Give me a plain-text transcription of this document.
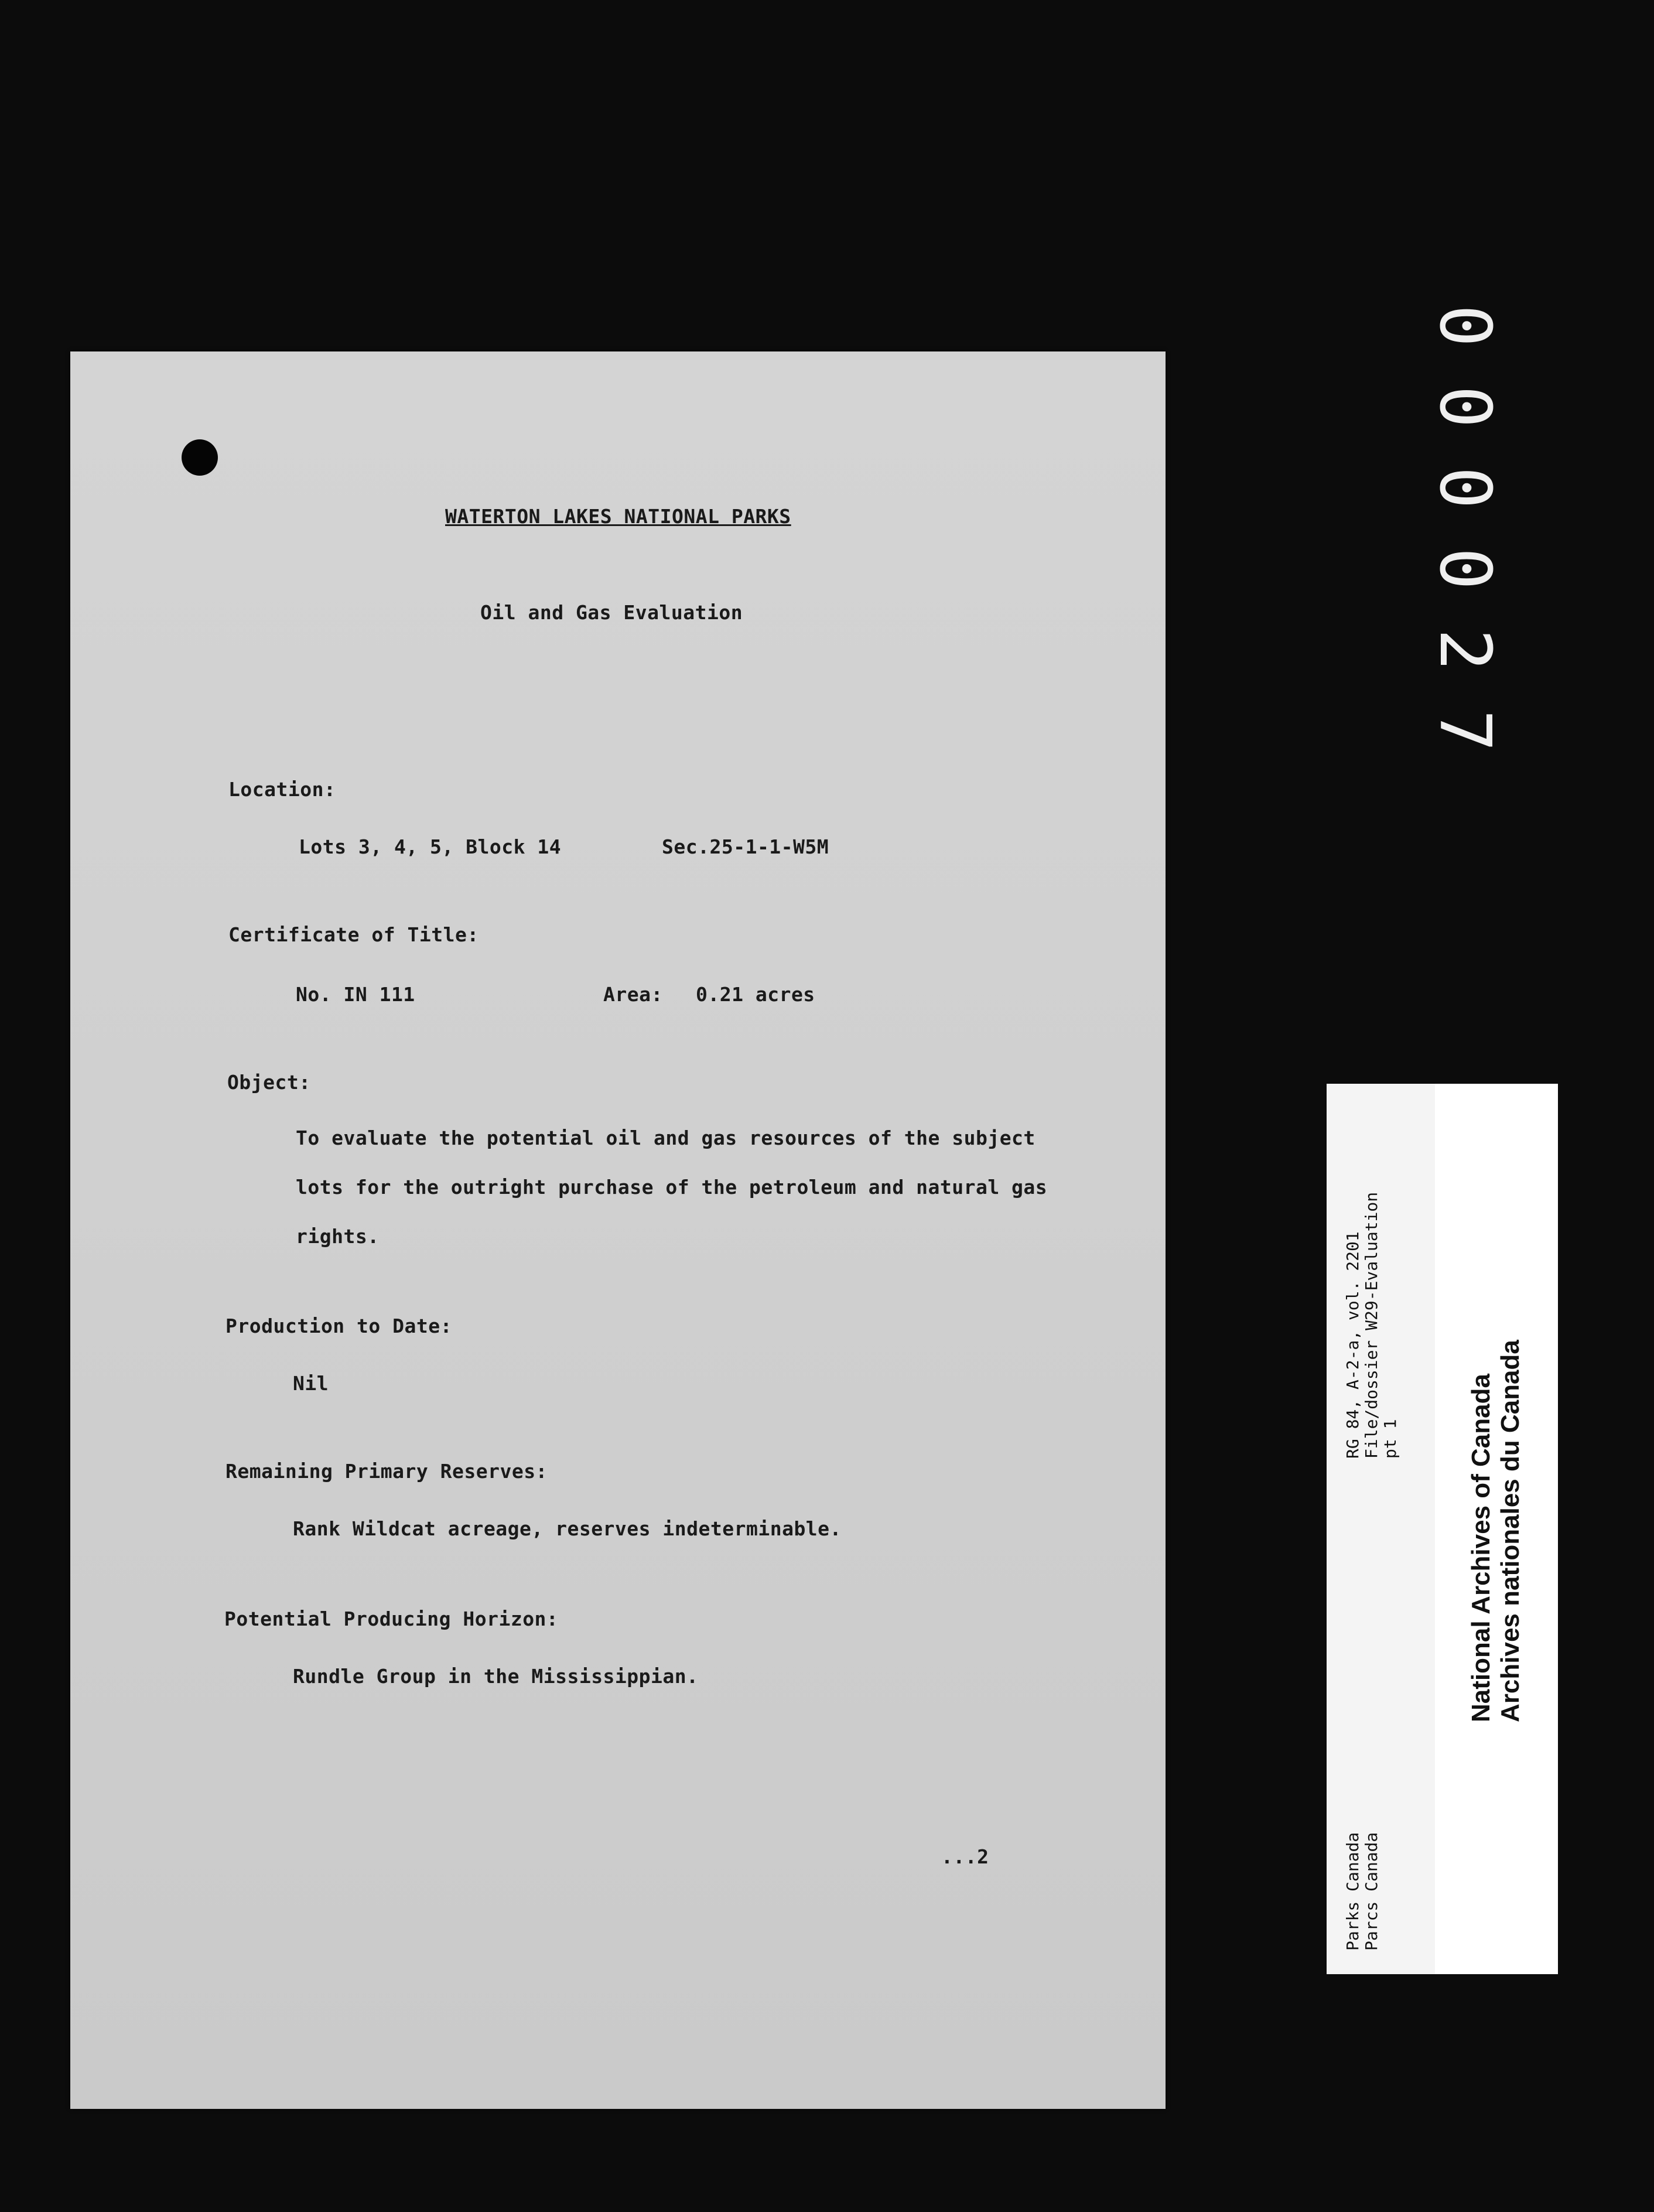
WATERTON LAKES NATIONAL PARKS
Oil and Gas Evaluation
Location:
Lots 3, 4, 5, Block 14	Sec.25-1-1-W5M
Certificate of Title:
No. IN 111	Area: 0.21 acres
Object:
To evaluate the potential oil and gas resources of the subject
lots for the outright purchase of the petroleum and natural gas
rights.
Production to Date:
Nil
Remaining Primary Reserves:
Rank Wildcat acreage, reserves indeterminable.
Potential Producing Horizon:
Rundle Group in the Mississippian.
...2
000027
Parks Canada Parcs Canada
RG 84, A-2-a, vol. 2201 File/dossier W29-Evaluation pt 1	National Archives of Canada Archives nationales du Canada
